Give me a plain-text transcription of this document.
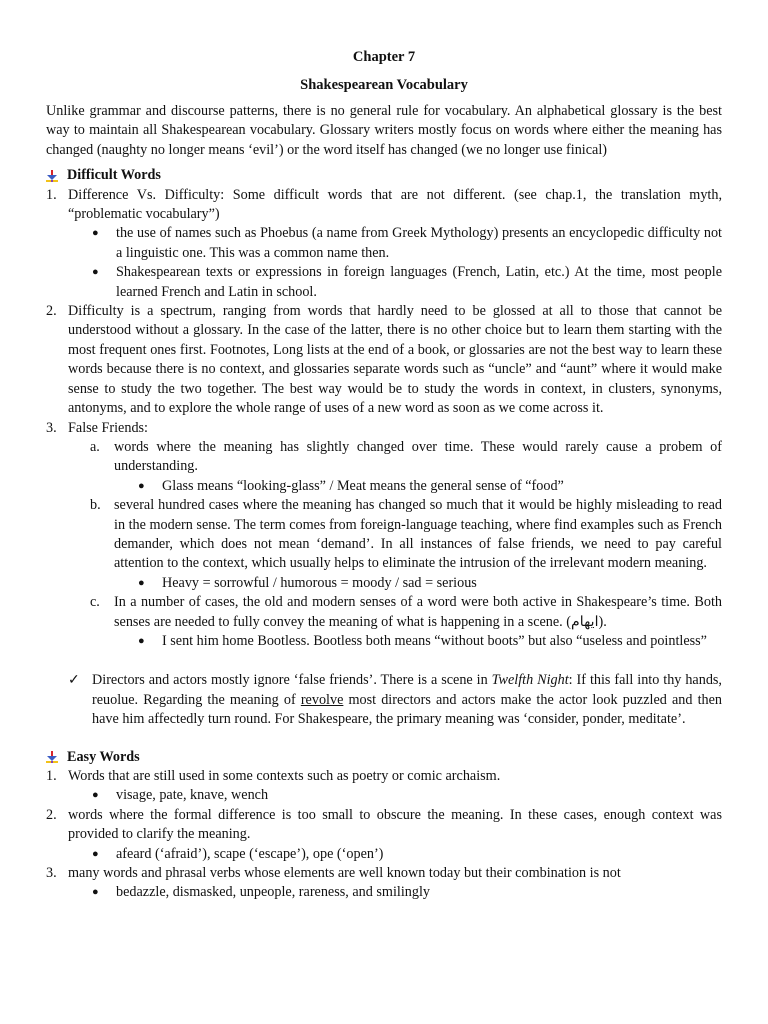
Chapter 7
Shakespearean Vocabulary

Unlike grammar and discourse patterns, there is no general rule for vocabulary. An alphabetical glossary is the best way to maintain all Shakespearean vocabulary. Glossary writers mostly focus on words where either the meaning has changed (naughty no longer means ‘evil’) or the word itself has changed (we no longer use finical)

Difficult Words
1. Difference Vs. Difficulty: Some difficult words that are not different. (see chap.1, the translation myth, “problematic vocabulary”)
●	the use of names such as Phoebus (a name from Greek Mythology) presents an encyclopedic difficulty not a linguistic one. This was a common name then.
●	Shakespearean texts or expressions in foreign languages (French, Latin, etc.) At the time, most people learned French and Latin in school.
2. Difficulty is a spectrum, ranging from words that hardly need to be glossed at all to those that cannot be understood without a glossary. In the case of the latter, there is no other choice but to learn them starting with the most frequent ones first. Footnotes, Long lists at the end of a book, or glossaries are not the best way to learn these words because there is no context, and glossaries separate words such as “uncle” and “aunt” where it would make sense to study the two together. The best way would be to study the words in context, in clusters, synonyms, antonyms, and to explore the whole range of uses of a new word as soon as we come across it.
3. False Friends:
a. words where the meaning has slightly changed over time. These would rarely cause a probem of understanding.
●	Glass means “looking-glass” / Meat means the general sense of “food”
b. several hundred cases where the meaning has changed so much that it would be highly misleading to read in the modern sense. The term comes from foreign-language teaching, where find examples such as French demander, which does not mean ‘demand’. In all instances of false friends, we need to pay careful attention to the context, which usually helps to eliminate the intrusion of the irrelevant modern meaning.
●	Heavy = sorrowful / humorous = moody / sad = serious
c. In a number of cases, the old and modern senses of a word were both active in Shakespeare’s time. Both senses are needed to fully convey the meaning of what is happening in a scene. (ایهام).
●	I sent him home Bootless. Bootless both means “without boots” but also “useless and pointless”
✓ Directors and actors mostly ignore ‘false friends’. There is a scene in Twelfth Night: If this fall into thy hands, reuolue. Regarding the meaning of revolve most directors and actors make the actor look puzzled and then have him affectedly turn round. For Shakespeare, the primary meaning was ‘consider, ponder, meditate’.
Easy Words
1. Words that are still used in some contexts such as poetry or comic archaism.
●	visage, pate, knave, wench
2. words where the formal difference is too small to obscure the meaning. In these cases, enough context was provided to clarify the meaning.
●	afeard (‘afraid’), scape (‘escape’), ope (‘open’)
3. many words and phrasal verbs whose elements are well known today but their combination is not
●	bedazzle, dismasked, unpeople, rareness, and smilingly
